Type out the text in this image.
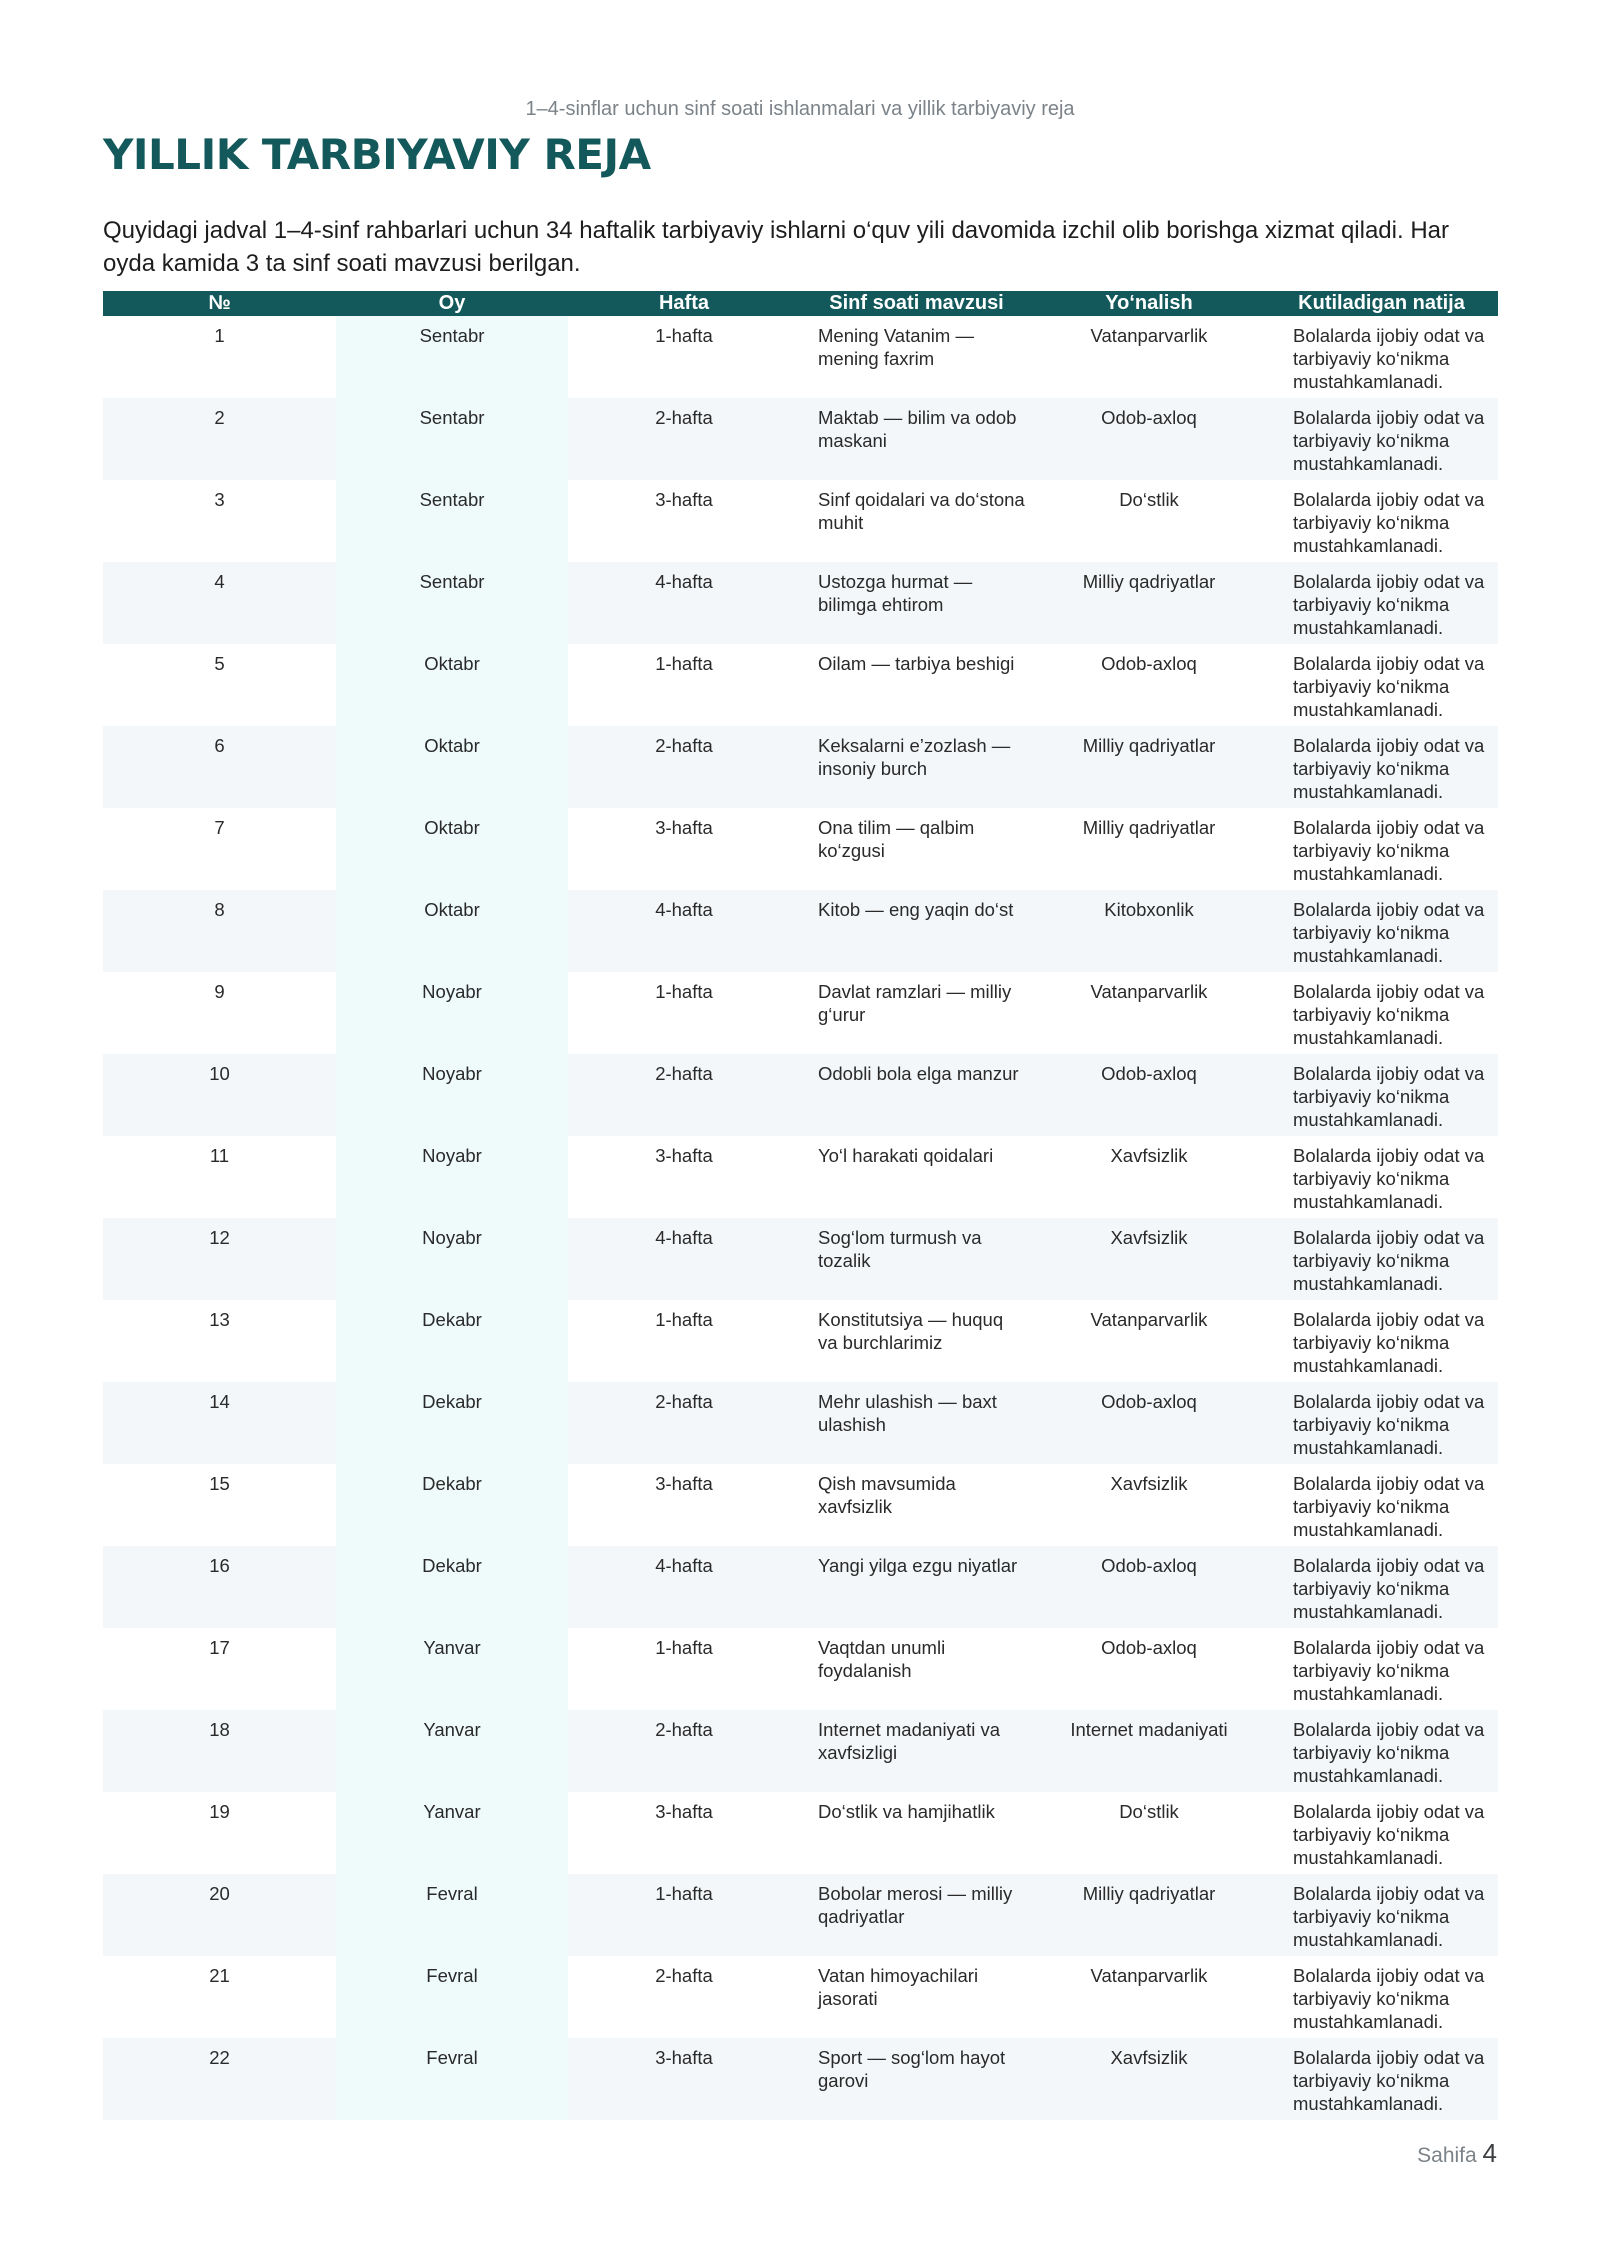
1–4-sinflar uchun sinf soati ishlanmalari va yillik tarbiyaviy reja
YILLIK TARBIYAVIY REJA

Quyidagi jadval 1–4-sinf rahbarlari uchun 34 haftalik tarbiyaviy ishlarni o‘quv yili davomida izchil olib borishga xizmat qiladi. Har oyda kamida 3 ta sinf soati mavzusi berilgan.

№	Oy	Hafta	Sinf soati mavzusi	Yo‘nalish	Kutiladigan natija
1	Sentabr	1-hafta	Mening Vatanim — mening faxrim	Vatanparvarlik	Bolalarda ijobiy odat va tarbiyaviy ko‘nikma mustahkamlanadi.
2	Sentabr	2-hafta	Maktab — bilim va odob maskani	Odob-axloq	Bolalarda ijobiy odat va tarbiyaviy ko‘nikma mustahkamlanadi.
3	Sentabr	3-hafta	Sinf qoidalari va do‘stona muhit	Do‘stlik	Bolalarda ijobiy odat va tarbiyaviy ko‘nikma mustahkamlanadi.
4	Sentabr	4-hafta	Ustozga hurmat — bilimga ehtirom	Milliy qadriyatlar	Bolalarda ijobiy odat va tarbiyaviy ko‘nikma mustahkamlanadi.
5	Oktabr	1-hafta	Oilam — tarbiya beshigi	Odob-axloq	Bolalarda ijobiy odat va tarbiyaviy ko‘nikma mustahkamlanadi.
6	Oktabr	2-hafta	Keksalarni e’zozlash — insoniy burch	Milliy qadriyatlar	Bolalarda ijobiy odat va tarbiyaviy ko‘nikma mustahkamlanadi.
7	Oktabr	3-hafta	Ona tilim — qalbim ko‘zgusi	Milliy qadriyatlar	Bolalarda ijobiy odat va tarbiyaviy ko‘nikma mustahkamlanadi.
8	Oktabr	4-hafta	Kitob — eng yaqin do‘st	Kitobxonlik	Bolalarda ijobiy odat va tarbiyaviy ko‘nikma mustahkamlanadi.
9	Noyabr	1-hafta	Davlat ramzlari — milliy g‘urur	Vatanparvarlik	Bolalarda ijobiy odat va tarbiyaviy ko‘nikma mustahkamlanadi.
10	Noyabr	2-hafta	Odobli bola elga manzur	Odob-axloq	Bolalarda ijobiy odat va tarbiyaviy ko‘nikma mustahkamlanadi.
11	Noyabr	3-hafta	Yo‘l harakati qoidalari	Xavfsizlik	Bolalarda ijobiy odat va tarbiyaviy ko‘nikma mustahkamlanadi.
12	Noyabr	4-hafta	Sog‘lom turmush va tozalik	Xavfsizlik	Bolalarda ijobiy odat va tarbiyaviy ko‘nikma mustahkamlanadi.
13	Dekabr	1-hafta	Konstitutsiya — huquq va burchlarimiz	Vatanparvarlik	Bolalarda ijobiy odat va tarbiyaviy ko‘nikma mustahkamlanadi.
14	Dekabr	2-hafta	Mehr ulashish — baxt ulashish	Odob-axloq	Bolalarda ijobiy odat va tarbiyaviy ko‘nikma mustahkamlanadi.
15	Dekabr	3-hafta	Qish mavsumida xavfsizlik	Xavfsizlik	Bolalarda ijobiy odat va tarbiyaviy ko‘nikma mustahkamlanadi.
16	Dekabr	4-hafta	Yangi yilga ezgu niyatlar	Odob-axloq	Bolalarda ijobiy odat va tarbiyaviy ko‘nikma mustahkamlanadi.
17	Yanvar	1-hafta	Vaqtdan unumli foydalanish	Odob-axloq	Bolalarda ijobiy odat va tarbiyaviy ko‘nikma mustahkamlanadi.
18	Yanvar	2-hafta	Internet madaniyati va xavfsizligi	Internet madaniyati	Bolalarda ijobiy odat va tarbiyaviy ko‘nikma mustahkamlanadi.
19	Yanvar	3-hafta	Do‘stlik va hamjihatlik	Do‘stlik	Bolalarda ijobiy odat va tarbiyaviy ko‘nikma mustahkamlanadi.
20	Fevral	1-hafta	Bobolar merosi — milliy qadriyatlar	Milliy qadriyatlar	Bolalarda ijobiy odat va tarbiyaviy ko‘nikma mustahkamlanadi.
21	Fevral	2-hafta	Vatan himoyachilari jasorati	Vatanparvarlik	Bolalarda ijobiy odat va tarbiyaviy ko‘nikma mustahkamlanadi.
22	Fevral	3-hafta	Sport — sog‘lom hayot garovi	Xavfsizlik	Bolalarda ijobiy odat va tarbiyaviy ko‘nikma mustahkamlanadi.
Sahifa 4
